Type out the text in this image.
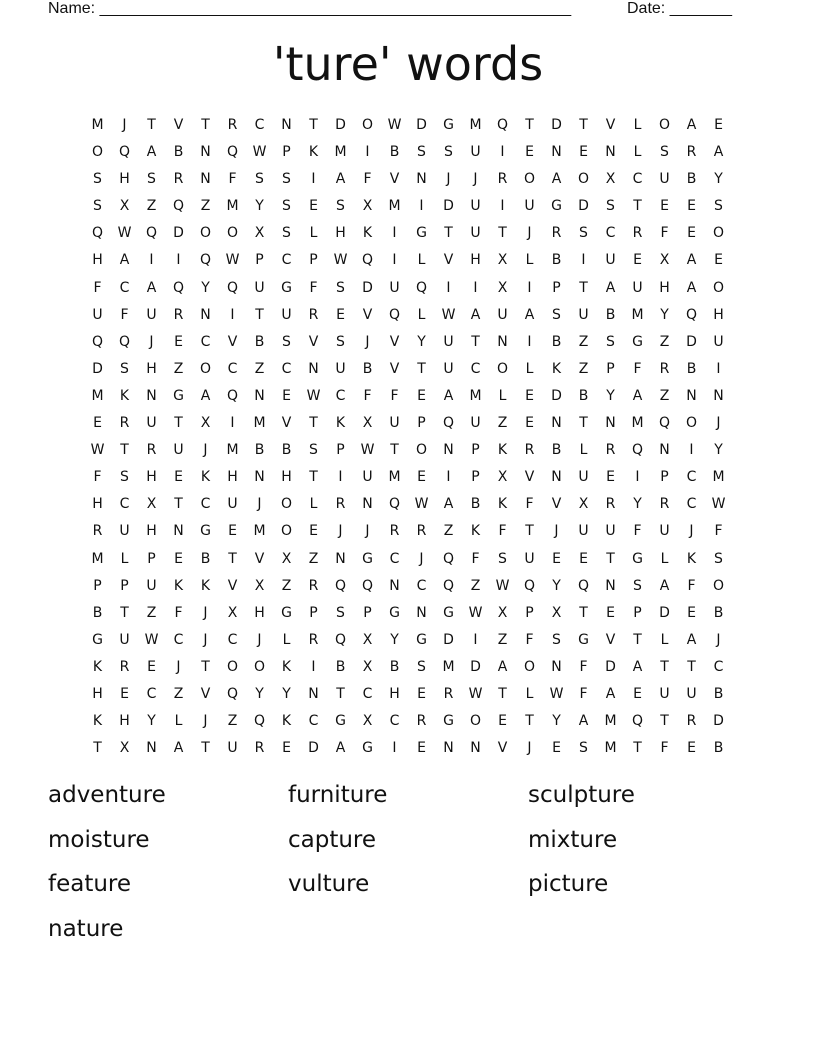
Name: _____________________________________________________	Date: _______
'ture' words
M	J	T	V	T	R	C	N	T	D	O	W	D	G	M	Q	T	D	T	V	L	O	A	E
O	Q	A	B	N	Q	W	P	K	M	I	B	S	S	U	I	E	N	E	N	L	S	R	A
S	H	S	R	N	F	S	S	I	A	F	V	N	J	J	R	O	A	O	X	C	U	B	Y
S	X	Z	Q	Z	M	Y	S	E	S	X	M	I	D	U	I	U	G	D	S	T	E	E	S
Q	W	Q	D	O	O	X	S	L	H	K	I	G	T	U	T	J	R	S	C	R	F	E	O
H	A	I	I	Q	W	P	C	P	W	Q	I	L	V	H	X	L	B	I	U	E	X	A	E
F	C	A	Q	Y	Q	U	G	F	S	D	U	Q	I	I	X	I	P	T	A	U	H	A	O
U	F	U	R	N	I	T	U	R	E	V	Q	L	W	A	U	A	S	U	B	M	Y	Q	H
Q	Q	J	E	C	V	B	S	V	S	J	V	Y	U	T	N	I	B	Z	S	G	Z	D	U
D	S	H	Z	O	C	Z	C	N	U	B	V	T	U	C	O	L	K	Z	P	F	R	B	I
M	K	N	G	A	Q	N	E	W	C	F	F	E	A	M	L	E	D	B	Y	A	Z	N	N
E	R	U	T	X	I	M	V	T	K	X	U	P	Q	U	Z	E	N	T	N	M	Q	O	J
W	T	R	U	J	M	B	B	S	P	W	T	O	N	P	K	R	B	L	R	Q	N	I	Y
F	S	H	E	K	H	N	H	T	I	U	M	E	I	P	X	V	N	U	E	I	P	C	M
H	C	X	T	C	U	J	O	L	R	N	Q	W	A	B	K	F	V	X	R	Y	R	C	W
R	U	H	N	G	E	M	O	E	J	J	R	R	Z	K	F	T	J	U	U	F	U	J	F
M	L	P	E	B	T	V	X	Z	N	G	C	J	Q	F	S	U	E	E	T	G	L	K	S
P	P	U	K	K	V	X	Z	R	Q	Q	N	C	Q	Z	W	Q	Y	Q	N	S	A	F	O
B	T	Z	F	J	X	H	G	P	S	P	G	N	G	W	X	P	X	T	E	P	D	E	B
G	U	W	C	J	C	J	L	R	Q	X	Y	G	D	I	Z	F	S	G	V	T	L	A	J
K	R	E	J	T	O	O	K	I	B	X	B	S	M	D	A	O	N	F	D	A	T	T	C
H	E	C	Z	V	Q	Y	Y	N	T	C	H	E	R	W	T	L	W	F	A	E	U	U	B
K	H	Y	L	J	Z	Q	K	C	G	X	C	R	G	O	E	T	Y	A	M	Q	T	R	D
T	X	N	A	T	U	R	E	D	A	G	I	E	N	N	V	J	E	S	M	T	F	E	B
adventure	furniture	sculpture
moisture	capture	mixture
feature	vulture	picture
nature
